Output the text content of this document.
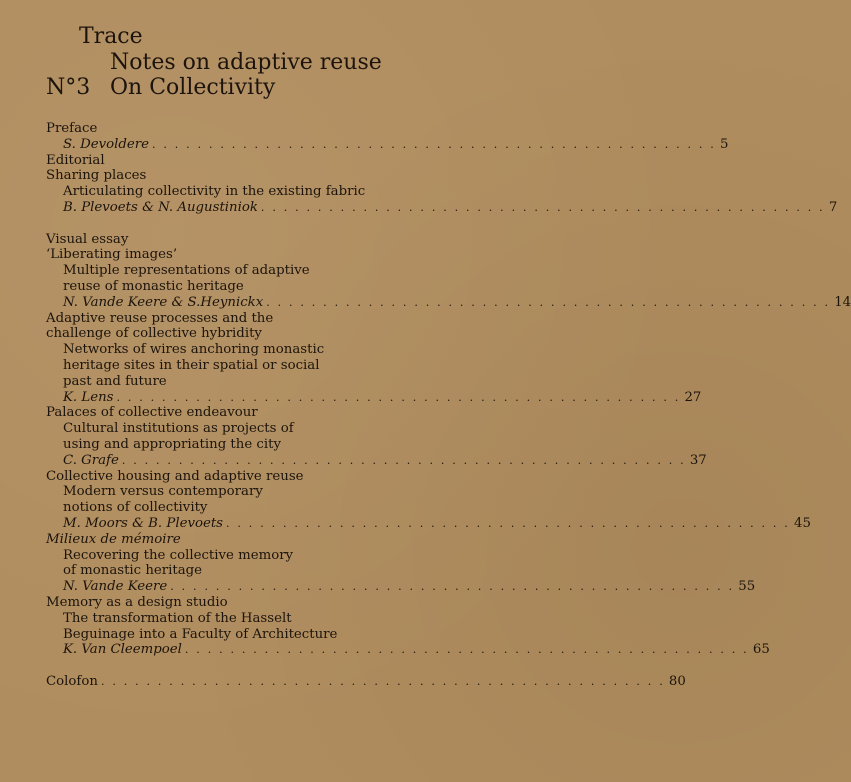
Trace
Notes on adaptive reuse
N°3 On Collectivity
Preface
S. Devoldere . . . . . . . . . . . . . . . . . . . . . . . . . . . . . . . . . . . . . . . . . . . . . . . . . . 5
Editorial
Sharing places
Articulating collectivity in the existing fabric
B. Plevoets & N. Augustiniok . . . . . . . . . . . . . . . . . . . . . . . . . . . . . . . . . . . . . . . . . . . . . . . . . . 7
Visual essay
‘Liberating images’
Multiple representations of adaptive
reuse of monastic heritage
N. Vande Keere & S.Heynickx . . . . . . . . . . . . . . . . . . . . . . . . . . . . . . . . . . . . . . . . . . . . . . . . . . 14
Adaptive reuse processes and the
challenge of collective hybridity
Networks of wires anchoring monastic
heritage sites in their spatial or social
past and future
K. Lens . . . . . . . . . . . . . . . . . . . . . . . . . . . . . . . . . . . . . . . . . . . . . . . . . . 27
Palaces of collective endeavour
Cultural institutions as projects of
using and appropriating the city
C. Grafe . . . . . . . . . . . . . . . . . . . . . . . . . . . . . . . . . . . . . . . . . . . . . . . . . . 37
Collective housing and adaptive reuse
Modern versus contemporary
notions of collectivity
M. Moors & B. Plevoets . . . . . . . . . . . . . . . . . . . . . . . . . . . . . . . . . . . . . . . . . . . . . . . . . . 45
Milieux de mémoire
Recovering the collective memory
of monastic heritage
N. Vande Keere . . . . . . . . . . . . . . . . . . . . . . . . . . . . . . . . . . . . . . . . . . . . . . . . . . 55
Memory as a design studio
The transformation of the Hasselt
Beguinage into a Faculty of Architecture
K. Van Cleempoel . . . . . . . . . . . . . . . . . . . . . . . . . . . . . . . . . . . . . . . . . . . . . . . . . . 65
Colofon . . . . . . . . . . . . . . . . . . . . . . . . . . . . . . . . . . . . . . . . . . . . . . . . . . 80
